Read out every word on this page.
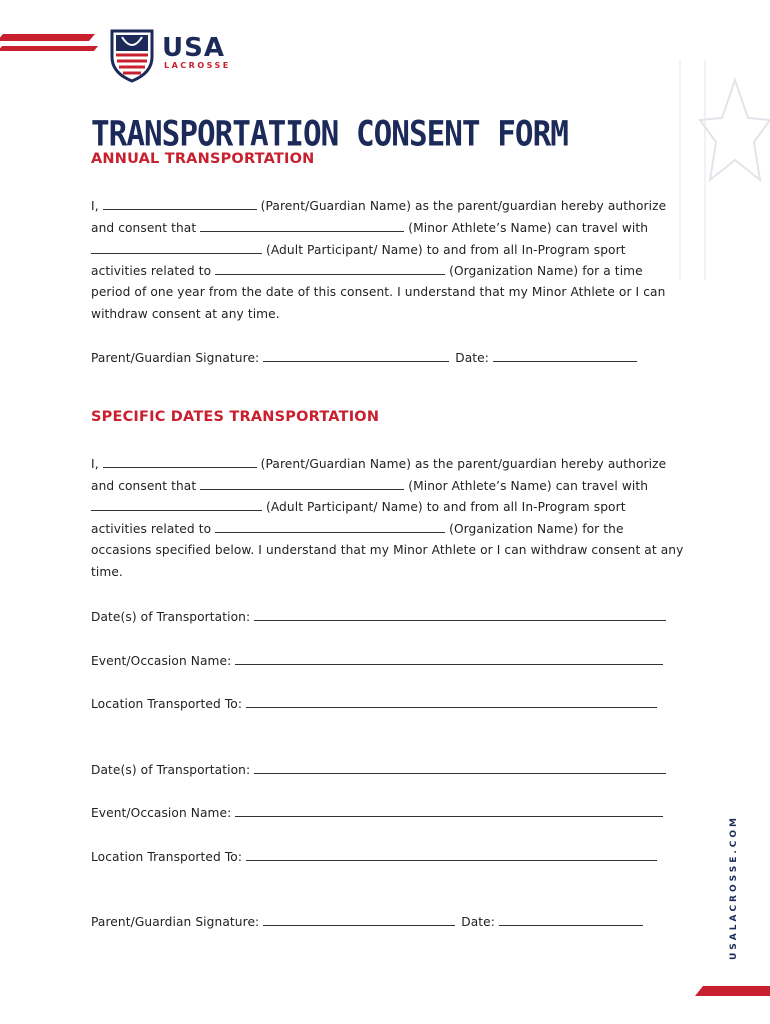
USA
LACROSSE
TRANSPORTATION CONSENT FORM
ANNUAL TRANSPORTATION
I,	(Parent/Guardian Name) as the parent/guardian hereby authorize
and consent that	(Minor Athlete’s Name) can travel with
(Adult Participant/ Name) to and from all In-Program sport
activities related to	(Organization Name) for a time
period of one year from the date of this consent. I understand that my Minor Athlete or I can
withdraw consent at any time.
Parent/Guardian Signature:	Date:
SPECIFIC DATES TRANSPORTATION
I,	(Parent/Guardian Name) as the parent/guardian hereby authorize
and consent that	(Minor Athlete’s Name) can travel with
(Adult Participant/ Name) to and from all In-Program sport
activities related to	(Organization Name) for the
occasions specified below. I understand that my Minor Athlete or I can withdraw consent at any
time.
Date(s) of Transportation:
Event/Occasion Name:
Location Transported To:
Date(s) of Transportation:
Event/Occasion Name:
Location Transported To:
Parent/Guardian Signature:	Date:	USALACROSSE.COM
